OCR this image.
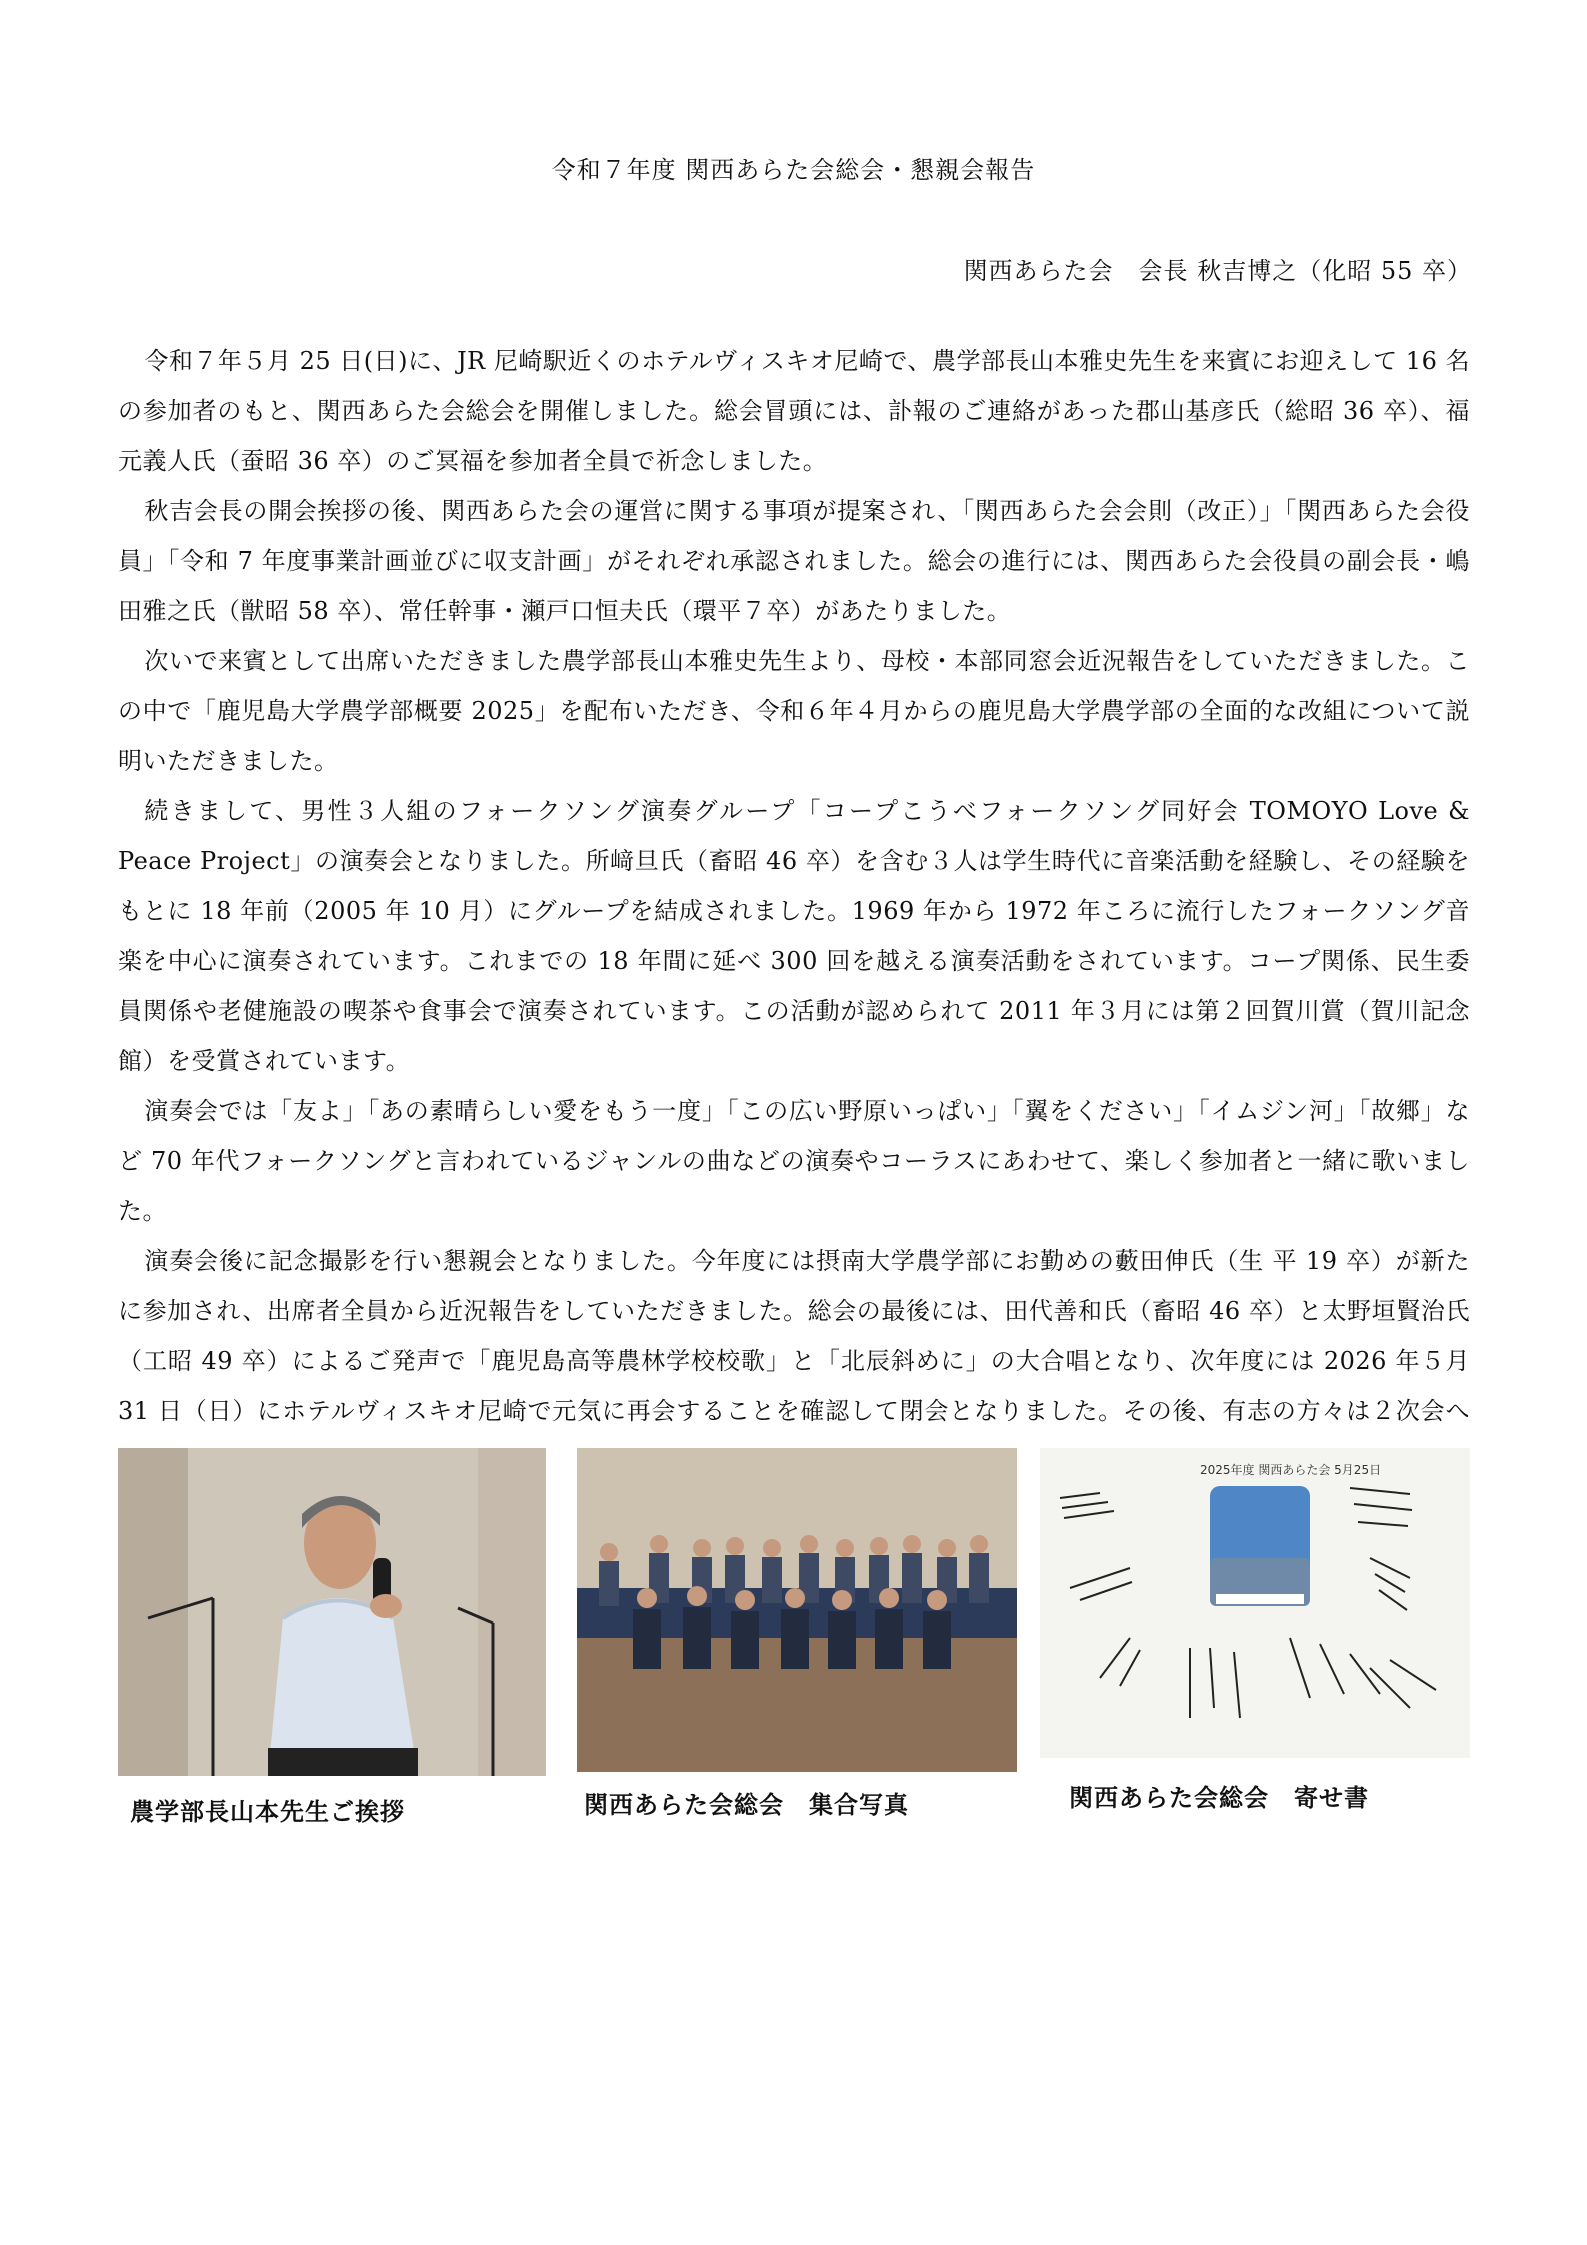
令和７年度 関西あらた会総会・懇親会報告
関西あらた会　会長 秋吉博之（化昭 55 卒）

令和７年５月 25 日(日)に、JR 尼崎駅近くのホテルヴィスキオ尼崎で、農学部長山本雅史先生を来賓にお迎えして 16 名の参加者のもと、関西あらた会総会を開催しました。総会冒頭には、訃報のご連絡があった郡山基彦氏（総昭 36 卒）、福元義人氏（蚕昭 36 卒）のご冥福を参加者全員で祈念しました。

秋吉会長の開会挨拶の後、関西あらた会の運営に関する事項が提案され、「関西あらた会会則（改正）」「関西あらた会役員」「令和 7 年度事業計画並びに収支計画」がそれぞれ承認されました。総会の進行には、関西あらた会役員の副会長・嶋田雅之氏（獣昭 58 卒）、常任幹事・瀬戸口恒夫氏（環平７卒）があたりました。

次いで来賓として出席いただきました農学部長山本雅史先生より、母校・本部同窓会近況報告をしていただきました。この中で「鹿児島大学農学部概要 2025」を配布いただき、令和６年４月からの鹿児島大学農学部の全面的な改組について説明いただきました。

続きまして、男性３人組のフォークソング演奏グループ「コープこうべフォークソング同好会 TOMOYO Love & Peace Project」の演奏会となりました。所﨑旦氏（畜昭 46 卒）を含む３人は学生時代に音楽活動を経験し、その経験をもとに 18 年前（2005 年 10 月）にグループを結成されました。1969 年から 1972 年ころに流行したフォークソング音楽を中心に演奏されています。これまでの 18 年間に延べ 300 回を越える演奏活動をされています。コープ関係、民生委員関係や老健施設の喫茶や食事会で演奏されています。この活動が認められて 2011 年３月には第２回賀川賞（賀川記念館）を受賞されています。

演奏会では「友よ」「あの素晴らしい愛をもう一度」「この広い野原いっぱい」「翼をください」「イムジン河」「故郷」など 70 年代フォークソングと言われているジャンルの曲などの演奏やコーラスにあわせて、楽しく参加者と一緒に歌いました。

演奏会後に記念撮影を行い懇親会となりました。今年度には摂南大学農学部にお勤めの藪田伸氏（生 平 19 卒）が新たに参加され、出席者全員から近況報告をしていただきました。総会の最後には、田代善和氏（畜昭 46 卒）と太野垣賢治氏（工昭 49 卒）によるご発声で「鹿児島高等農林学校校歌」と「北辰斜めに」の大合唱となり、次年度には 2026 年５月 31 日（日）にホテルヴィスキオ尼崎で元気に再会することを確認して閉会となりました。その後、有志の方々は２次会へ

2025年度 関西あらた会 5月25日
農学部長山本先生ご挨拶	関西あらた会総会　集合写真	関西あらた会総会　寄せ書
